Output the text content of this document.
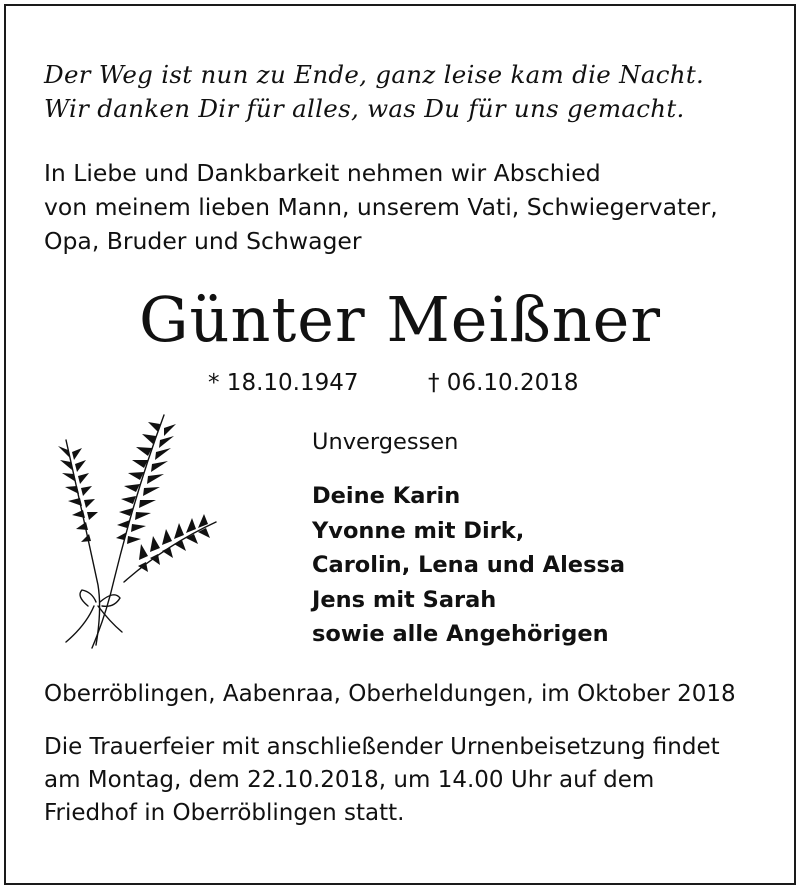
Der Weg ist nun zu Ende, ganz leise kam die Nacht.
Wir danken Dir für alles, was Du für uns gemacht.
In Liebe und Dankbarkeit nehmen wir Abschied
von meinem lieben Mann, unserem Vati, Schwiegervater,
Opa, Bruder und Schwager
Günter Meißner
* 18.10.1947	† 06.10.2018
Unvergessen
Deine Karin
Yvonne mit Dirk,
Carolin, Lena und Alessa
Jens mit Sarah
sowie alle Angehörigen
Oberröblingen, Aabenraa, Oberheldungen, im Oktober 2018
Die Trauerfeier mit anschließender Urnenbeisetzung findet
am Montag, dem 22.10.2018, um 14.00 Uhr auf dem
Friedhof in Oberröblingen statt.
